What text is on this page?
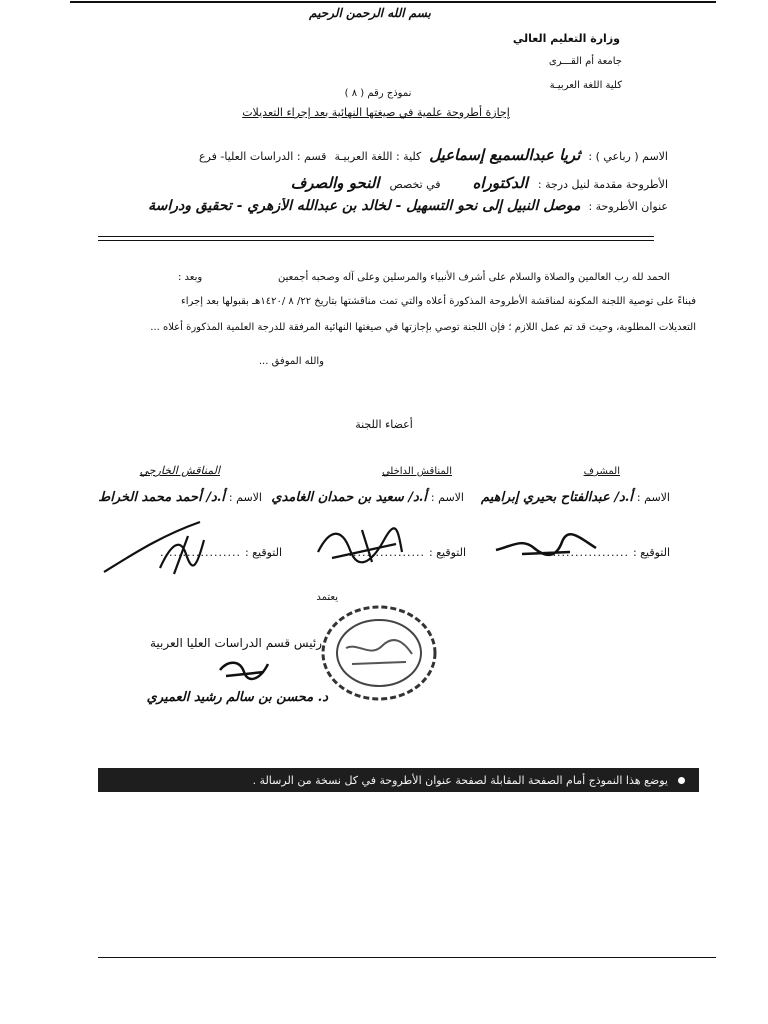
بسم الله الرحمن الرحيم
وزارة التعليم العالي
جامعة أم القـــرى
كلية اللغة العربيـة
نموذج رقم ( ٨ )
إجازة أطروحة علمية في صيغتها النهائية بعد إجراء التعديلات
الاسم ( رباعي ) :
ثريا عبدالسميع إسماعيل
كلية : اللغة العربيـة
قسم : الدراسات العليا- فرع
الأطروحة مقدمة لنيل درجة :
الدكتوراه
في تخصص
النحو والصرف
عنوان الأطروحة :
موصل النبيل إلى نحو التسهيل - لخالد بن عبدالله الأزهري - تحقيق ودراسة
الحمد لله رب العالمين والصلاة والسلام على أشرف الأنبياء والمرسلين وعلى آله وصحبه أجمعين
وبعد :
فبناءً على توصية اللجنة المكونة لمناقشة الأطروحة المذكورة أعلاه والتي تمت مناقشتها بتاريخ ٢٢/ ٨ /١٤٢٠هـ بقبولها بعد إجراء
التعديلات المطلوبة، وحيث قد تم عمل اللازم ؛ فإن اللجنة توصي بإجازتها في صيغتها النهائية المرفقة للدرجة العلمية المذكورة أعلاه ...
والله الموفق ...
أعضاء اللجنة
المشرف
المناقش الداخلي
المناقش الخارجي
الاسم :
أ.د/ عبدالفتاح بحيري إبراهيم
الاسم :
أ.د/ سعيد بن حمدان الغامدي
الاسم :
أ.د/ أحمد محمد الخراط
التوقيع :
..................
التوقيع :
..................
التوقيع :
..................
يعتمد
رئيس قسم الدراسات العليا العربية
د. محسن بن سالم رشيد العميري
يوضع هذا النموذج أمام الصفحة المقابلة لصفحة عنوان الأطروحة في كل نسخة من الرسالة .
